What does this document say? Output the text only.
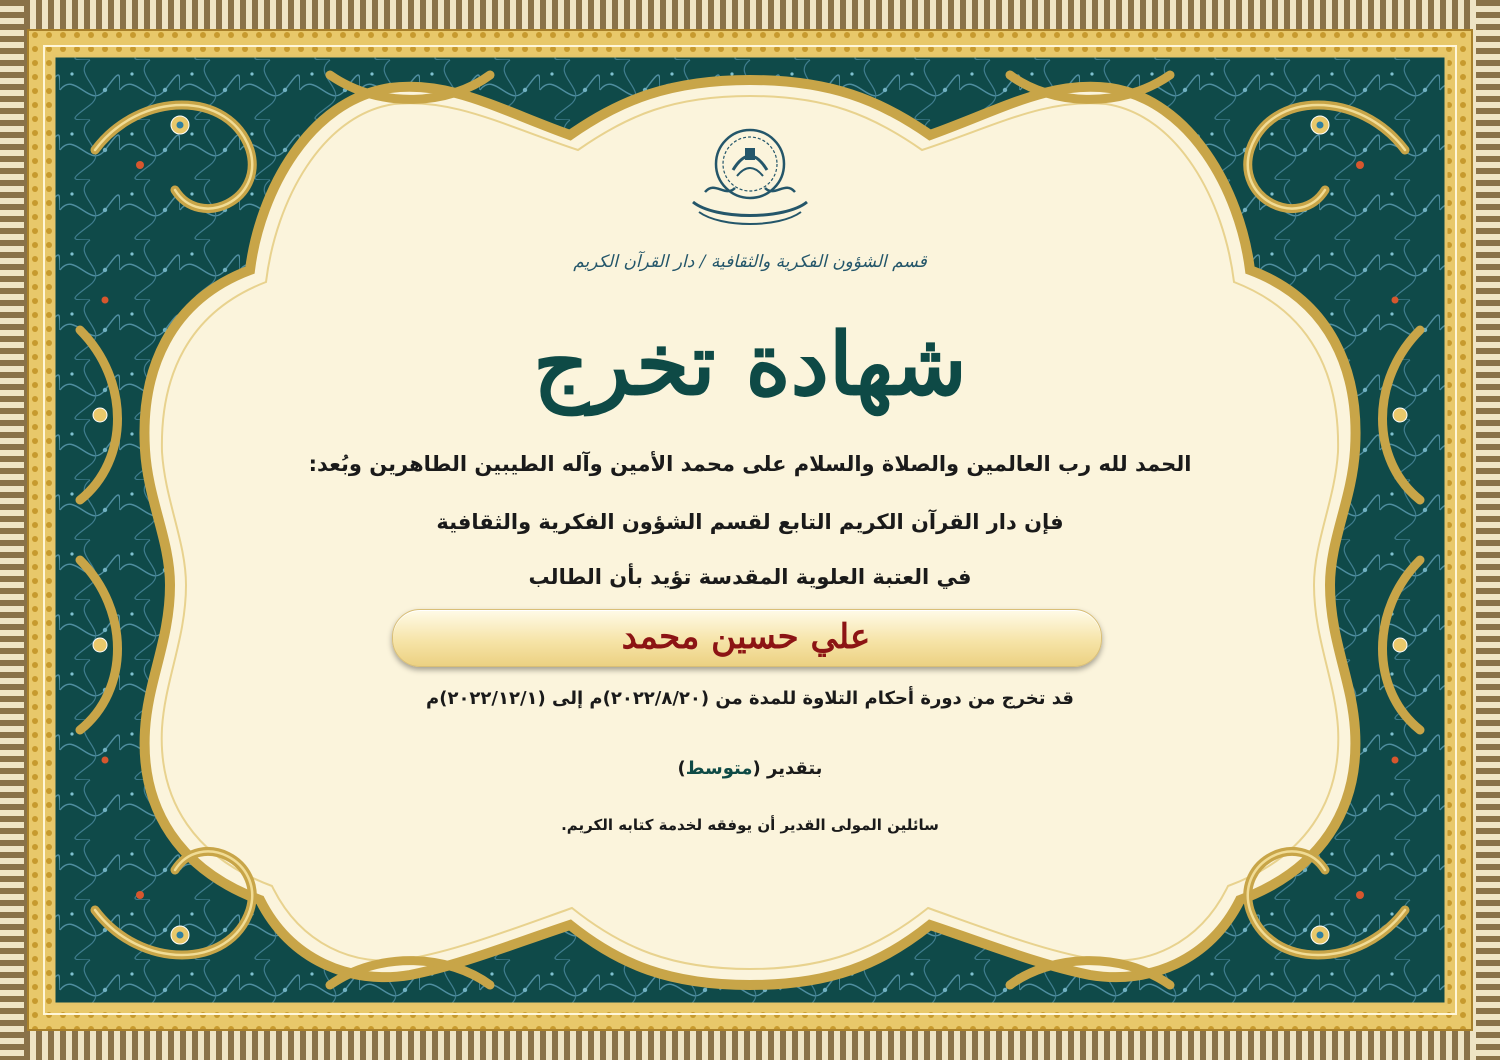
قسم الشؤون الفكرية والثقافية / دار القرآن الكريم
شهادة تخرج
الحمد لله رب العالمين والصلاة والسلام على محمد الأمين وآله الطيبين الطاهرين وبُعد:
فإن دار القرآن الكريم التابع لقسم الشؤون الفكرية والثقافية
في العتبة العلوية المقدسة تؤيد بأن الطالب
علي حسين محمد
قد تخرج من دورة أحكام التلاوة للمدة من (٢٠٢٢/٨/٢٠)م إلى (٢٠٢٢/١٢/١)م
بتقدير (متوسط)
سائلين المولى القدير أن يوفقه لخدمة كتابه الكريم.
